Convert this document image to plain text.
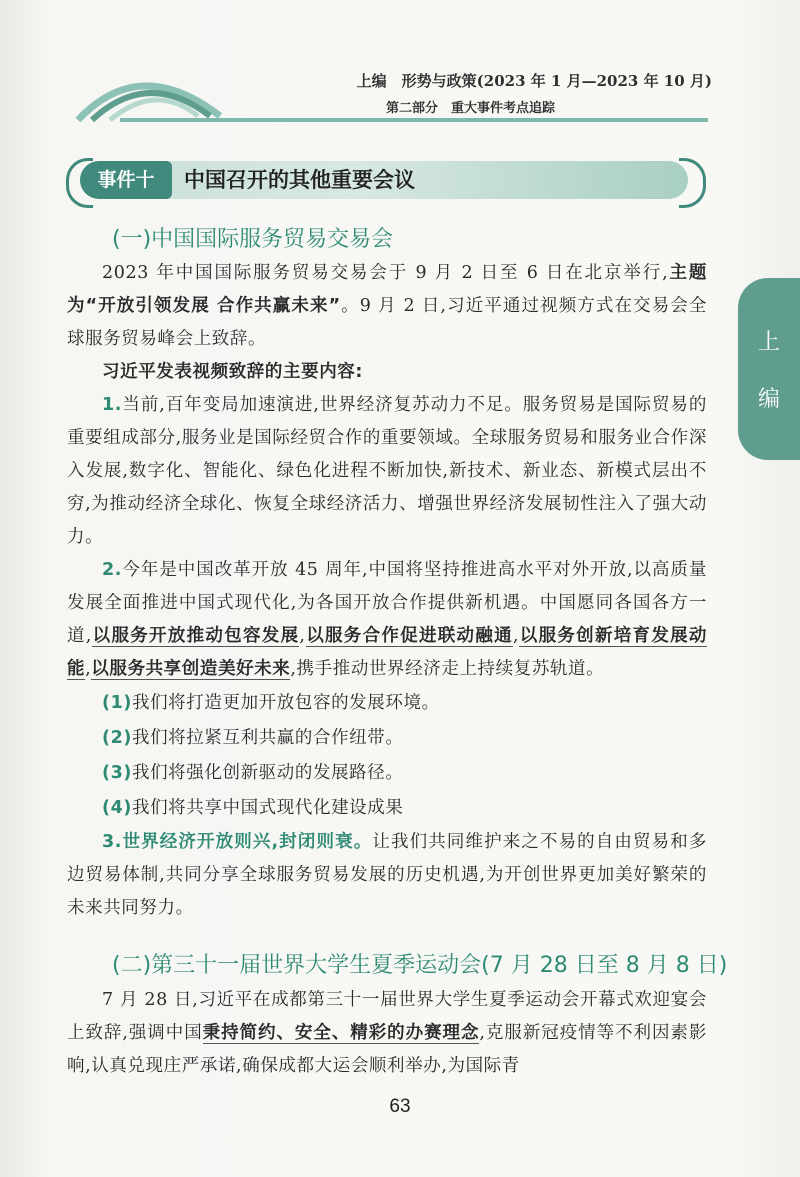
上编　形势与政策(2023 年 1 月—2023 年 10 月)
第二部分　重大事件考点追踪
上
编
事件十	中国召开的其他重要会议
(一)中国国际服务贸易交易会

2023 年中国国际服务贸易交易会于 9 月 2 日至 6 日在北京举行,主题为“开放引领发展 合作共赢未来”。9 月 2 日,习近平通过视频方式在交易会全球服务贸易峰会上致辞。

习近平发表视频致辞的主要内容:

1.当前,百年变局加速演进,世界经济复苏动力不足。服务贸易是国际贸易的重要组成部分,服务业是国际经贸合作的重要领域。全球服务贸易和服务业合作深入发展,数字化、智能化、绿色化进程不断加快,新技术、新业态、新模式层出不穷,为推动经济全球化、恢复全球经济活力、增强世界经济发展韧性注入了强大动力。

2.今年是中国改革开放 45 周年,中国将坚持推进高水平对外开放,以高质量发展全面推进中国式现代化,为各国开放合作提供新机遇。中国愿同各国各方一道,以服务开放推动包容发展,以服务合作促进联动融通,以服务创新培育发展动能,以服务共享创造美好未来,携手推动世界经济走上持续复苏轨道。

(1)我们将打造更加开放包容的发展环境。

(2)我们将拉紧互利共赢的合作纽带。

(3)我们将强化创新驱动的发展路径。

(4)我们将共享中国式现代化建设成果

3.世界经济开放则兴,封闭则衰。让我们共同维护来之不易的自由贸易和多边贸易体制,共同分享全球服务贸易发展的历史机遇,为开创世界更加美好繁荣的未来共同努力。

(二)第三十一届世界大学生夏季运动会(7 月 28 日至 8 月 8 日)

7 月 28 日,习近平在成都第三十一届世界大学生夏季运动会开幕式欢迎宴会上致辞,强调中国秉持简约、安全、精彩的办赛理念,克服新冠疫情等不利因素影响,认真兑现庄严承诺,确保成都大运会顺利举办,为国际青

63
